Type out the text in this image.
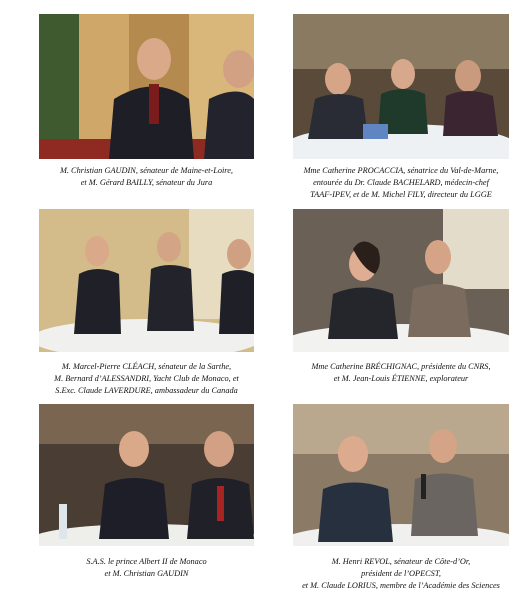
M. Christian GAUDIN, sénateur de Maine-et-Loire,
et M. Gérard BAILLY, sénateur du Jura
Mme Catherine PROCACCIA, sénatrice du Val-de-Marne,
entourée du Dr. Claude BACHELARD, médecin-chef
TAAF-IPEV, et de M. Michel FILY, directeur du LGGE
M. Marcel-Pierre CLÉACH, sénateur de la Sarthe,
M. Bernard d’ALESSANDRI, Yacht Club de Monaco, et
S.Exc. Claude LAVERDURE, ambassadeur du Canada
Mme Catherine BRÉCHIGNAC, présidente du CNRS,
et M. Jean-Louis ÉTIENNE, explorateur
S.A.S. le prince Albert II de Monaco
et M. Christian GAUDIN
M. Henri REVOL, sénateur de Côte-d’Or,
président de l’OPECST,
et M. Claude LORIUS, membre de l’Académie des Sciences
